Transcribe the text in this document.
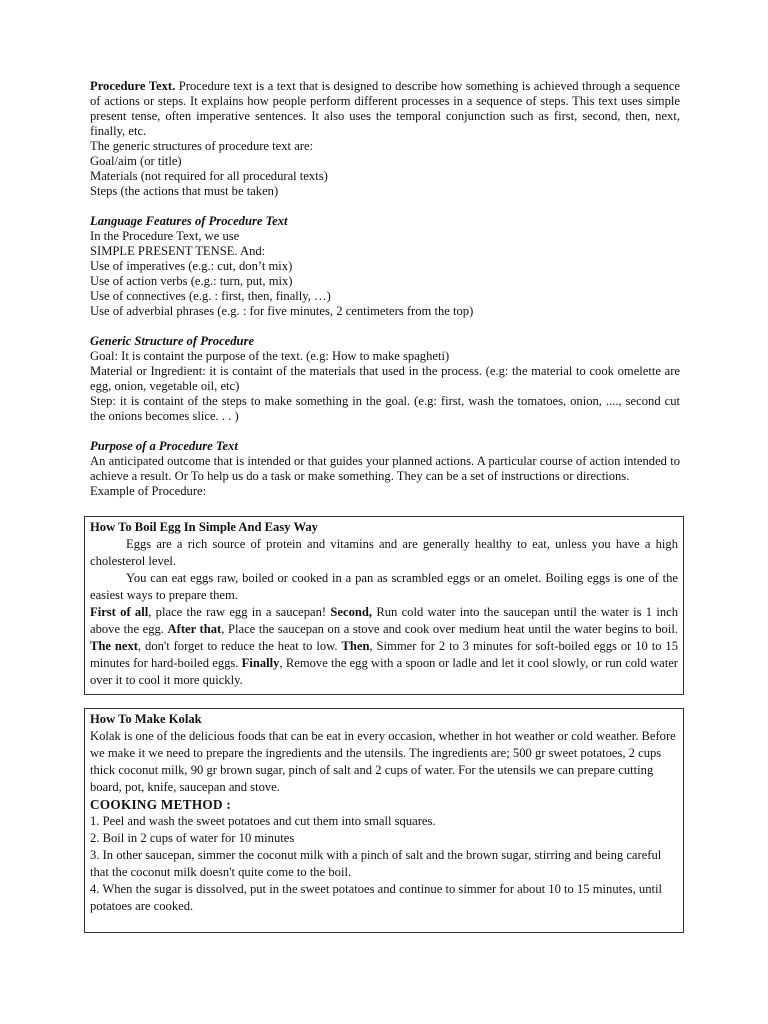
Procedure Text. Procedure text is a text that is designed to describe how something is achieved through a sequence of actions or steps. It explains how people perform different processes in a sequence of steps. This text uses simple present tense, often imperative sentences. It also uses the temporal conjunction such as first, second, then, next, finally, etc.

The generic structures of procedure text are:

Goal/aim (or title)

Materials (not required for all procedural texts)

Steps (the actions that must be taken)

Language Features of Procedure Text

In the Procedure Text, we use

SIMPLE PRESENT TENSE. And:

Use of imperatives (e.g.: cut, don’t mix)

Use of action verbs (e.g.: turn, put, mix)

Use of connectives (e.g. : first, then, finally, …)

Use of adverbial phrases (e.g. : for five minutes, 2 centimeters from the top)

Generic Structure of Procedure

Goal: It is containt the purpose of the text. (e.g: How to make spagheti)

Material or Ingredient: it is containt of the materials that used in the process. (e.g: the material to cook omelette are egg, onion, vegetable oil, etc)

Step: it is containt of the steps to make something in the goal. (e.g: first, wash the tomatoes, onion, ...., second cut the onions becomes slice. . . )

Purpose of a Procedure Text

An anticipated outcome that is intended or that guides your planned actions. A particular course of action intended to achieve a result. Or To help us do a task or make something. They can be a set of instructions or directions.

Example of Procedure:

How To Boil Egg In Simple And Easy Way

Eggs are a rich source of protein and vitamins and are generally healthy to eat, unless you have a high cholesterol level.

You can eat eggs raw, boiled or cooked in a pan as scrambled eggs or an omelet. Boiling eggs is one of the easiest ways to prepare them.

First of all, place the raw egg in a saucepan! Second, Run cold water into the saucepan until the water is 1 inch above the egg. After that, Place the saucepan on a stove and cook over medium heat until the water begins to boil. The next, don't forget to reduce the heat to low. Then, Simmer for 2 to 3 minutes for soft-boiled eggs or 10 to 15 minutes for hard-boiled eggs. Finally, Remove the egg with a spoon or ladle and let it cool slowly, or run cold water over it to cool it more quickly.

How To Make Kolak

Kolak is one of the delicious foods that can be eat in every occasion, whether in hot weather or cold weather. Before we make it we need to prepare the ingredients and the utensils. The ingredients are; 500 gr sweet potatoes, 2 cups thick coconut milk, 90 gr brown sugar, pinch of salt and 2 cups of water. For the utensils we can prepare cutting board, pot, knife, saucepan and stove.

COOKING METHOD :

1. Peel and wash the sweet potatoes and cut them into small squares.

2. Boil in 2 cups of water for 10 minutes

3. In other saucepan, simmer the coconut milk with a pinch of salt and the brown sugar, stirring and being careful that the coconut milk doesn't quite come to the boil.

4. When the sugar is dissolved, put in the sweet potatoes and continue to simmer for about 10 to 15 minutes, until potatoes are cooked.
